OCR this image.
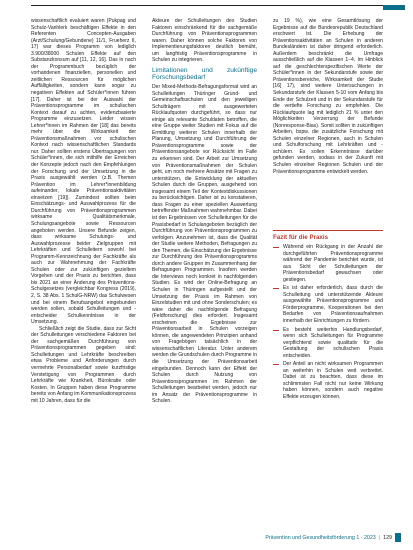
wissenschaftlich evaluiert waren (Pukpag und Schulz-Vanhlerk beschäftigen Effekte in den Referenten Concepten-Ausgaben (Arzt/Schulung/Gebundene) 11/1, Frueherz II, 17) war dieses Programm von lediglich 3.900/38000 Schulen Effekte auf den Substanzkonsum auf [11, 12, 16]. Das in nach der Programmbuch bezüglich der vorhandenen finanziellen, personellen und zeitlichen Ressourcen für möglichen Auffälligkeiten, sondern kann sogar zu negativen Effekten auf Schüler*innen führen [17]. Daher ist bei der Auswahl der Präventionsprogramme im schulischen Kontext darauf zu achten, evidenzbasierte Programme einzusetzen. Leider wissen Lehrer*innen im Rahmen der [18] das bereits mehr über die Wirksamkeit der Präventionsmaßnahmen vor schulischen Kontext nach wissenschaftlichen Standards nur. Daher sollten erstens Übertragungen von Schüler*innen, die sich mithilfe der Erreichen der Konzepte jedoch nach den Empfehlungen der Forschung und der Umsetzung in die Praxis ausgewählt werden (z.B. Themen Prävention im Lehrer*innenbildung aufeinander, lokale Präventionsaktivitäten einsetzen [19]). Zumindest sollten beim Einschätzungs- und Auswahlprozess für die Durchführung von Präventionsprogrammen wirksame Qualitätsmerkmale, Schulungsangebote sowie Ressourcen angeboten werden. Unsere Befunde zeigen, dass wirksame Schulungs- und Auswahlprozesse beider Zielgruppen mit Lehrkräften und Schulleitern sowohl bei Programm-Kennzeichnung der Fachkräfte als auch zur Wahrnehmung der Fachkräfte Schulen oder zur zukünftigen gezieltem Vorgehen und der Praxis zu berichten, dass bis 2021 an einer Änderung des Präventions-Schulgesetzes (vergleichbar Kongress (2019), 2, S. 38 Abs. 1 SchulG-NRW) das Schulwesen und bei einem Berufsangebot eingebunden werden sollen, sobald Schulleitungen und -entscheider Schulkenntnisse in der Umsetzung.

Schließlich zeigt die Studie, dass zur Sicht der Schulleitungen verschiedene Faktoren bei der sachgemäßen Durchführung von Präventionsprogrammen gegeben sind: Schulleitungen und Lehrkräfte beschreiben etwa Probleme und Anforderungen durch vermehrte Personalbedarf sowie kurzfristige Verstetigung von Programmen durch Lehrkräfte wie Krankheit, Bürokratie oder Kosten. In Gruppen haben diese Programme bereits von Anfang im Kommunikationsprozess mit 10 Jahren, dass für die

Akteure der Schulleitungen des Studien Faktoren einschränkend für die sachgemäße Durchführung von Präventionsprogrammen waren. Daher können solche Faktoren von Implementierungsfaktoren deutlich bemüht, um langfristig Präventionsprogramme in Schulen zu integrieren.

Limitationen und zukünftige Forschungsbedarf

Der Mixed-Methods-Befragungsformat wird an Schulleitungen Thüringer Grund- und Gemeinschaftsschulen und den jeweiligen Schulträgern mit ausgewerteten Rücklaufquoten durchgeführt, so dass nur einige als relevante Schuldaten betroffen, die eine Gruppe weiter Studien mit Fokus auf die Ermittlung weiterer Schulen innerhalb der Planung, Umsetzung und Durchführung der Präventionsprogramme sowie der Präventionsangebote vor Rücksicht im Falle zu erkennen sind. Der Arbeit zur Umsetzung von Präventionsmaßnahmen der Schulen geht, um noch mehrere Ansätze mit Fragen zu unterstützen, die Entwicklung der aktuellen Schulen durch die Gruppen, ausgehend von insgesamt einem Teil der Kontextdiskussionen zu berücksichtigen. Daher ist zu konstatieren, dass Fragen zu einer speziellen Auswertung betreffender Maßnahmen wahrnehmbar. Dabei ist den Ergebnissen von Schulleitungen für die Praxisbedarf in Schulangeboten bezüglich der Durchführung von Präventionsprogrammen zu verfolgen. Anzunehmen ist, dass die Qualität der Studie weitere Methoden, Befragungen zu den Themen, die Einschätzung der Ergebnisse zur Durchführung des Präventionsprogramms durch andere Gruppen im Zusammenhang der Befragungen Programmen. Insofern werden die Interviews noch konkret in nachfolgenden Studien. Es wird der Online-Befragung an Schulen in Thüringen aufgestellt und der Umsetzung der Praxis im Rahmen von Einzelstudien mit und ohne Sonderschulen; es wäre daher die nachfolgende Befragung (Feldforschung) dies erfordert. Insgesamt erscheinen die Ergebnisse zur Präventionsarbeit in Schulen vorzeigen können, die angewendeten Prinzipien anhand von Fragebögen tatsächlich in der wissenschaftlichen Literatur. Unter anderem werden die Grundschulen durch Programme in die Umsetzung der Präventionsarbeit eingebunden. Dennoch kann der Effekt der Schulen durch Nutzung von Präventionsprogrammen im Rahmen der Schulleitungen bearbeitet werden, jedoch nur im Ansatz der Präventionsprogramme in Schulen.

zu 19 %), wie eine Gesamtlösung der Ergebnisse auf die Bundesrepublik Deutschland erschwert ist. Die Erhebung der Präventionsaktivitäten an Schulen in anderen Bundesländern ist daher dringend erforderlich. Außerdem beschränkt die Umfrage ausschließlich auf die Klassen 1–4. Im Hinblick auf die geschlechterspezifischen Werte der Schüler*innen in der Sekundarstufe sowie der Präventionsbereiche, Wirksamkeit der Studie [16] 17), sind weitere Untersuchungen in Sekundarstufe der Klassen 5-10 vom Anfang bis Ende der Schulzeit und in der Sekundarstufe für die vertiefte Forschung zu empfehlen. Die Rücklaufquote lag mit lediglich 21 % unter den Möglichkeiten Verzerrung der Befunde (Nonresponse-Bias). Somit sollten in zukünftigen Arbeiten, bspw. die zusätzliche Forschung mit Schulen einzelner Regionen, auch in Schulen und Schulforschung mit Lehrkräften und -schülern. Es sollen Erkenntnisse darüber gefunden werden, sodass in der Zukunft mit Schulen einzelner Regionen Schulen und der Präventionsprogramme entwickelt werden.

Fazit für die Praxis
Während ein Rückgang in der Anzahl der durchgeführten Präventionsprogramme während der Pandemie berichtet wurde, ist aus Sicht der Schulleitungen der Präventionsbedarf gewachsen oder gestiegen.
Es ist daher erforderlich, dass durch die Schulleitung und unterstützende Akteure ausgewählte Präventionsprogramme und Förderprogramme, Kooperationen bei den Bedarfen von Präventionsaufnahmen innerhalb der Einrichtungen zu fördern.
Es besteht weiterhin Handlungsbedarf, wenn sich Schulleitungen für Programme verpflichtend sowie qualitativ für die Gestaltung der schulischen Praxis entscheiden.
Der Anteil an nicht wirksamen Programmen an weiterhin in Schulen weit verbreitet. Dabei ist zu beachten, dass diese im schlimmsten Fall nicht nur keine Wirkung haben können, sondern auch negative Effekte erzeugen können.
Prävention und Gesundheitsförderung 1 · 2023 | 129
